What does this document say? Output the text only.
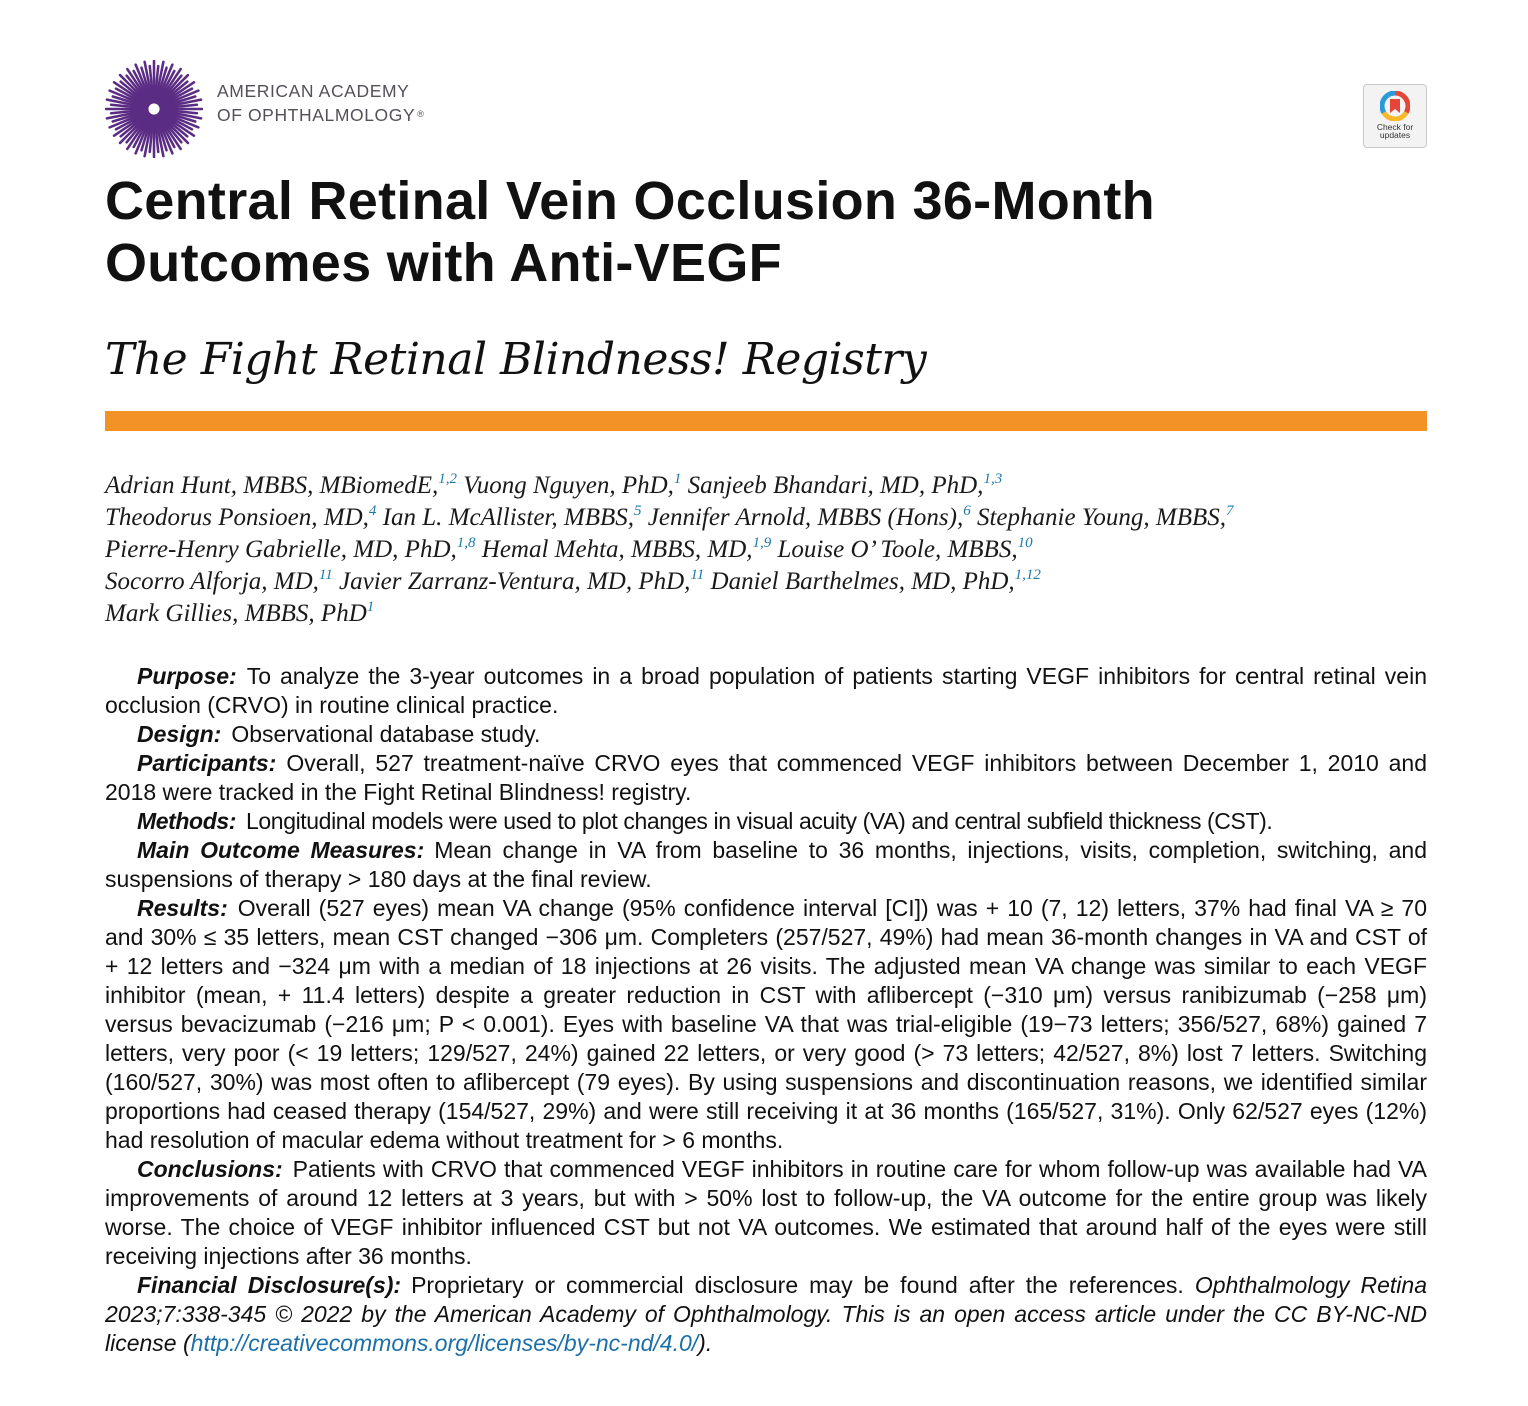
AMERICAN ACADEMY
OF OPHTHALMOLOGY ®
Check for
updates
Central Retinal Vein Occlusion 36-Month
Outcomes with Anti-VEGF
The Fight Retinal Blindness! Registry
Adrian Hunt, MBBS, MBiomedE,$^{1,2}$ Vuong Nguyen, PhD,$^1$ Sanjeeb Bhandari, MD, PhD,$^{1,3}$
Theodorus Ponsioen, MD,$^4$ Ian L. McAllister, MBBS,$^5$ Jennifer Arnold, MBBS (Hons),$^6$ Stephanie Young, MBBS,$^7$
Pierre-Henry Gabrielle, MD, PhD,$^{1,8}$ Hemal Mehta, MBBS, MD,$^{1,9}$ Louise O’ Toole, MBBS,$^{10}$
Socorro Alforja, MD,$^{11}$ Javier Zarranz-Ventura, MD, PhD,$^{11}$ Daniel Barthelmes, MD, PhD,$^{1,12}$
Mark Gillies, MBBS, PhD$^1$

Purpose: To analyze the 3-year outcomes in a broad population of patients starting VEGF inhibitors for central retinal vein occlusion (CRVO) in routine clinical practice.

Design: Observational database study.

Participants: Overall, 527 treatment-naïve CRVO eyes that commenced VEGF inhibitors between December 1, 2010 and 2018 were tracked in the Fight Retinal Blindness! registry.

Methods: Longitudinal models were used to plot changes in visual acuity (VA) and central subfield thickness (CST).

Main Outcome Measures: Mean change in VA from baseline to 36 months, injections, visits, completion, switching, and suspensions of therapy > 180 days at the final review.

Results: Overall (527 eyes) mean VA change (95% confidence interval [CI]) was + 10 (7, 12) letters, 37% had final VA ≥ 70 and 30% ≤ 35 letters, mean CST changed −306 μm. Completers (257/527, 49%) had mean 36-month changes in VA and CST of + 12 letters and −324 μm with a median of 18 injections at 26 visits. The adjusted mean VA change was similar to each VEGF inhibitor (mean, + 11.4 letters) despite a greater reduction in CST with aflibercept (−310 μm) versus ranibizumab (−258 μm) versus bevacizumab (−216 μm; P < 0.001). Eyes with baseline VA that was trial-eligible (19−73 letters; 356/527, 68%) gained 7 letters, very poor (< 19 letters; 129/527, 24%) gained 22 letters, or very good (> 73 letters; 42/527, 8%) lost 7 letters. Switching (160/527, 30%) was most often to aflibercept (79 eyes). By using suspensions and discontinuation reasons, we identified similar proportions had ceased therapy (154/527, 29%) and were still receiving it at 36 months (165/527, 31%). Only 62/527 eyes (12%) had resolution of macular edema without treatment for > 6 months.

Conclusions: Patients with CRVO that commenced VEGF inhibitors in routine care for whom follow-up was available had VA improvements of around 12 letters at 3 years, but with > 50% lost to follow-up, the VA outcome for the entire group was likely worse. The choice of VEGF inhibitor influenced CST but not VA outcomes. We estimated that around half of the eyes were still receiving injections after 36 months.

Financial Disclosure(s): Proprietary or commercial disclosure may be found after the references. Ophthalmology Retina 2023;7:338-345 © 2022 by the American Academy of Ophthalmology. This is an open access article under the CC BY-NC-ND license (http://creativecommons.org/licenses/by-nc-nd/4.0/).
